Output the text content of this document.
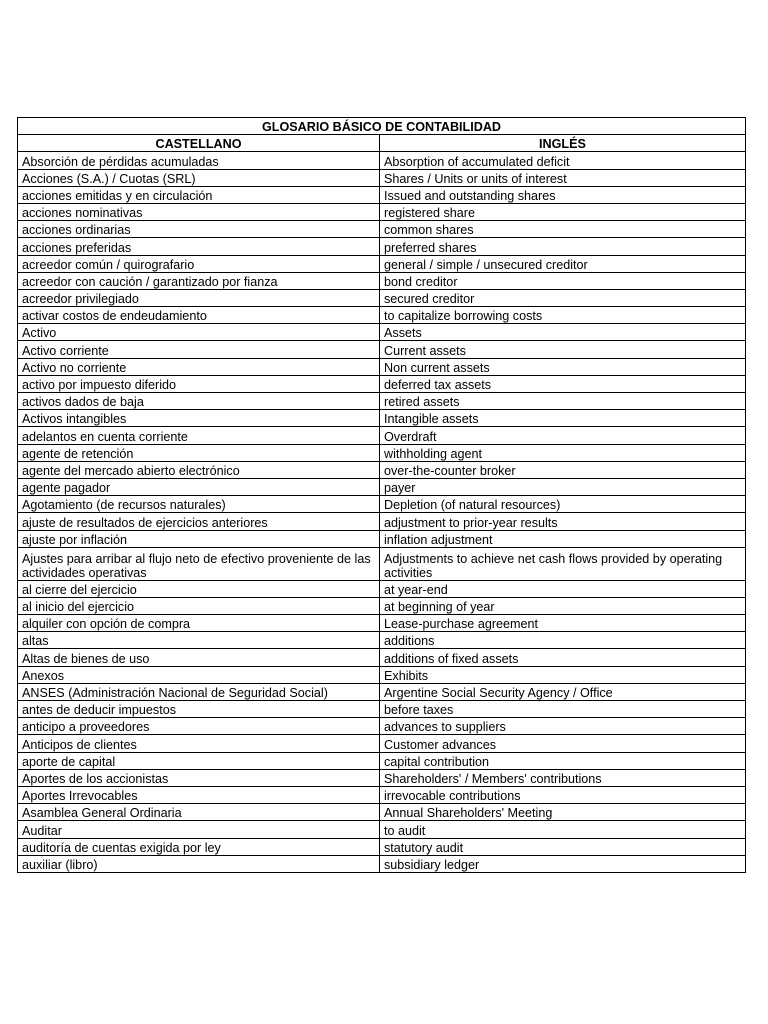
GLOSARIO BÁSICO DE CONTABILIDAD	
CASTELLANO	INGLÉS
Absorción de pérdidas acumuladas	Absorption of accumulated deficit
Acciones (S.A.) / Cuotas (SRL)	Shares / Units or units of interest
acciones emitidas y en circulación	Issued and outstanding shares
acciones nominativas	registered share
acciones ordinarias	common shares
acciones preferidas	preferred shares
acreedor común / quirografario	general / simple / unsecured creditor
acreedor con caución / garantizado por fianza	bond creditor
acreedor privilegiado	secured creditor
activar costos de endeudamiento	to capitalize borrowing costs
Activo	Assets
Activo corriente	Current assets
Activo no corriente	Non current assets
activo por impuesto diferido	deferred tax assets
activos dados de baja	retired assets
Activos intangibles	Intangible assets
adelantos en cuenta corriente	Overdraft
agente de retención	withholding agent
agente del mercado abierto electrónico	over-the-counter broker
agente pagador	payer
Agotamiento (de recursos naturales)	Depletion (of natural resources)
ajuste de resultados de ejercicios anteriores	adjustment to prior-year results
ajuste por inflación	inflation adjustment
Ajustes para arribar al flujo neto de efectivo proveniente de las actividades operativas	Adjustments to achieve net cash flows provided by operating activities
al cierre del ejercicio	at year-end
al inicio del ejercicio	at beginning of year
alquiler con opción de compra	Lease-purchase agreement
altas	additions
Altas de bienes de uso	additions of fixed assets
Anexos	Exhibits
ANSES (Administración Nacional de Seguridad Social)	Argentine Social Security Agency / Office
antes de deducir impuestos	before taxes
anticipo a proveedores	advances to suppliers
Anticipos de clientes	Customer advances
aporte de capital	capital contribution
Aportes de los accionistas	Shareholders' / Members' contributions
Aportes Irrevocables	irrevocable contributions
Asamblea General Ordinaria	Annual Shareholders' Meeting
Auditar	to audit
auditoría de cuentas exigida por ley	statutory audit
auxiliar (libro)	subsidiary ledger
